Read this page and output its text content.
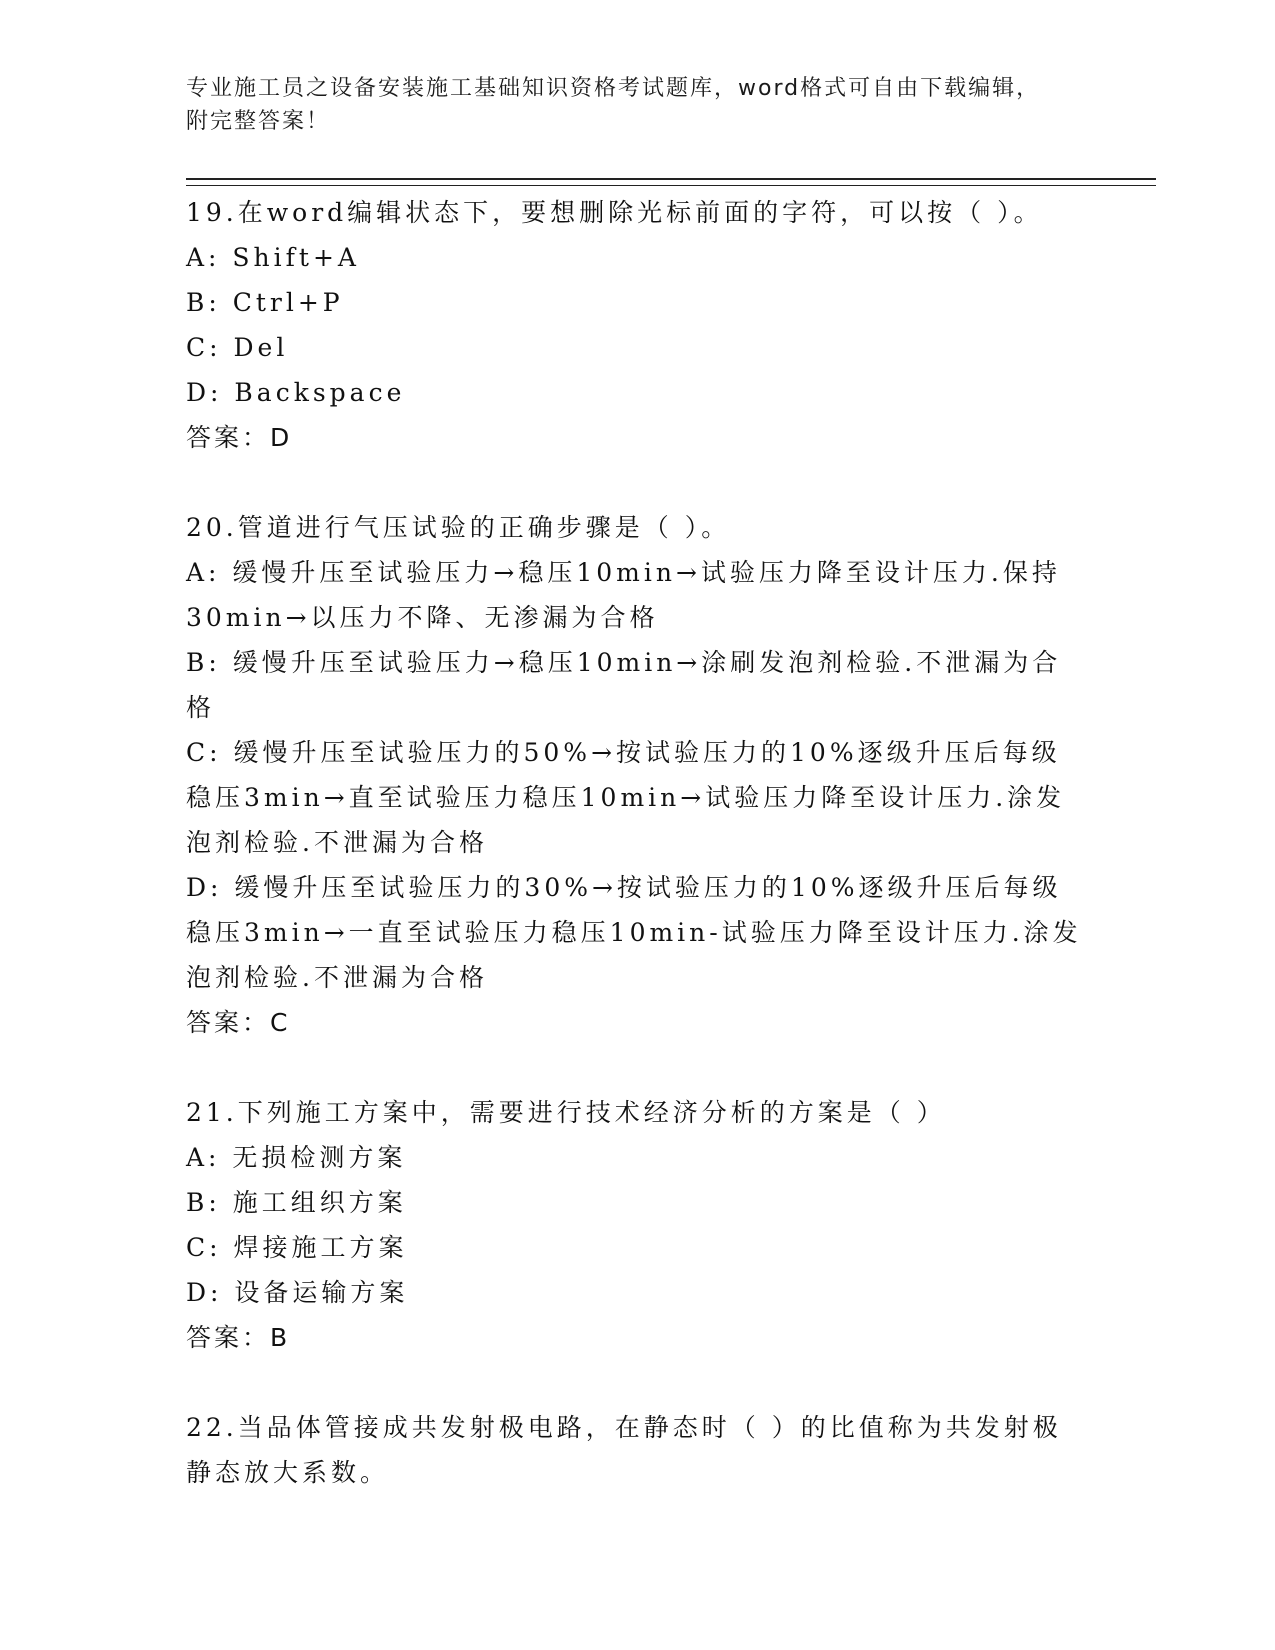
专业施工员之设备安装施工基础知识资格考试题库，word格式可自由下载编辑，
附完整答案！
19.在word编辑状态下，要想删除光标前面的字符，可以按（ ）。
A: Shift+A
B: Ctrl+P
C: Del
D: Backspace
答案：D
20.管道进行气压试验的正确步骤是（ ）。
A: 缓慢升压至试验压力→稳压10min→试验压力降至设计压力.保持30min→以压力不降、无渗漏为合格
B: 缓慢升压至试验压力→稳压10min→涂刷发泡剂检验.不泄漏为合格
C: 缓慢升压至试验压力的50%→按试验压力的10%逐级升压后每级稳压3min→直至试验压力稳压10min→试验压力降至设计压力.涂发泡剂检验.不泄漏为合格
D: 缓慢升压至试验压力的30%→按试验压力的10%逐级升压后每级稳压3min→一直至试验压力稳压10min-试验压力降至设计压力.涂发泡剂检验.不泄漏为合格
答案：C
21.下列施工方案中，需要进行技术经济分析的方案是（ ）
A: 无损检测方案
B: 施工组织方案
C: 焊接施工方案
D: 设备运输方案
答案：B
22.当品体管接成共发射极电路，在静态时（ ）的比值称为共发射极静态放大系数。
